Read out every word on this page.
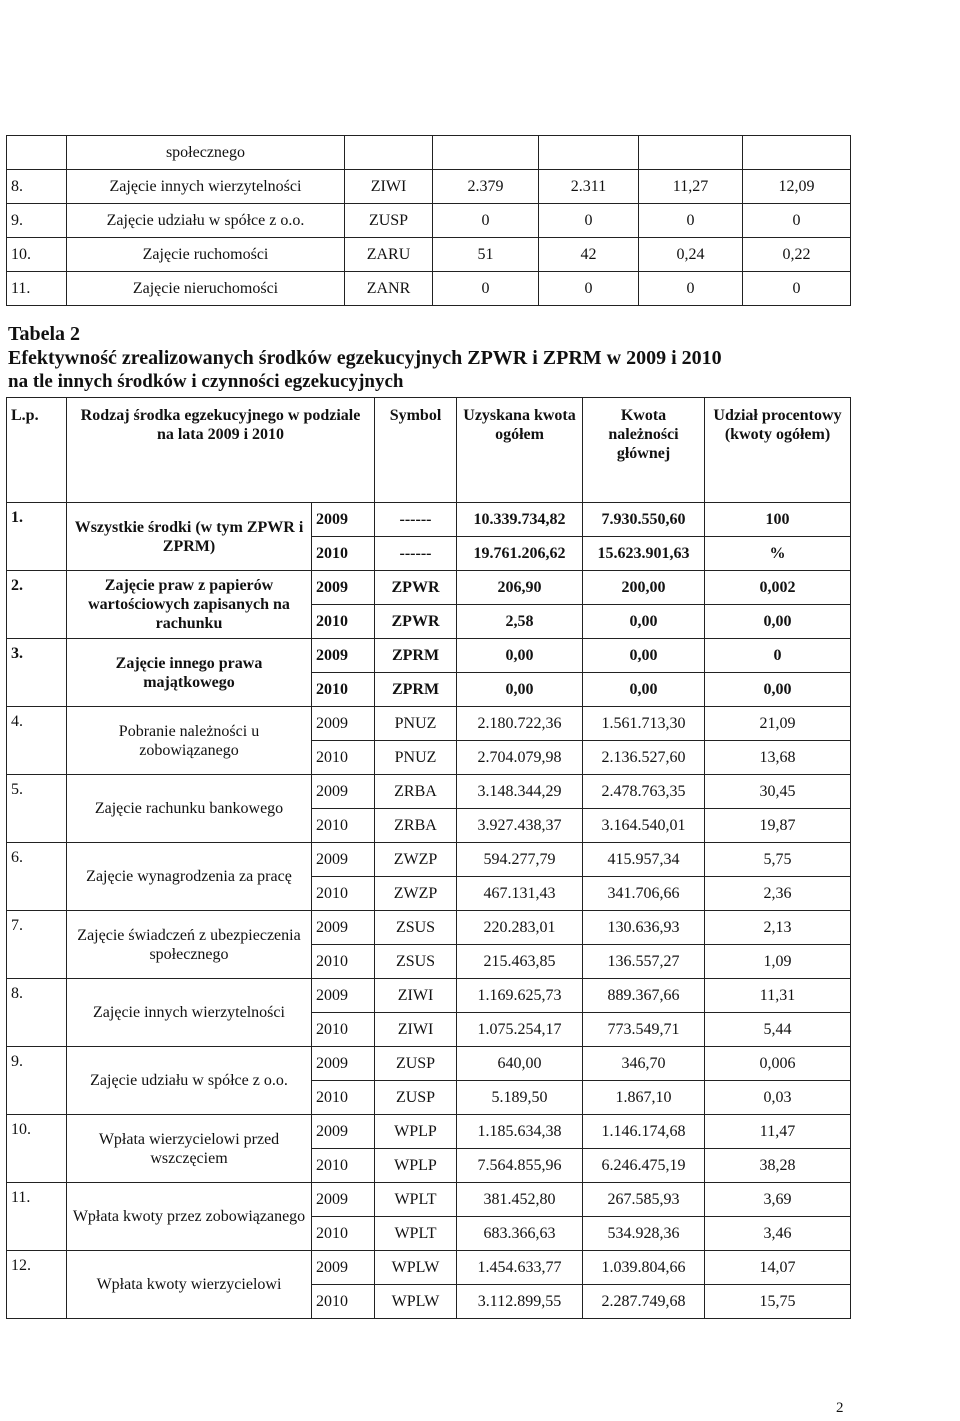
	społecznego					
8.	Zajęcie innych wierzytelności	ZIWI	2.379	2.311	11,27	12,09
9.	Zajęcie udziału w spółce z o.o.	ZUSP	0	0	0	0
10.	Zajęcie ruchomości	ZARU	51	42	0,24	0,22
11.	Zajęcie nieruchomości	ZANR	0	0	0	0
Tabela 2
Efektywność zrealizowanych środków egzekucyjnych ZPWR i ZPRM w 2009 i 2010
na tle innych środków i czynności egzekucyjnych
L.p.	Rodzaj środka egzekucyjnego w podziale na lata 2009 i 2010		Symbol	Uzyskana kwota ogółem	Kwota należności głównej	Udział procentowy (kwoty ogółem)
1.	Wszystkie środki (w tym ZPWR i ZPRM)	2009	------	10.339.734,82	7.930.550,60	100
		2010	------	19.761.206,62	15.623.901,63	%
2.	Zajęcie praw z papierów wartościowych zapisanych na rachunku	2009	ZPWR	206,90	200,00	0,002
		2010	ZPWR	2,58	0,00	0,00
3.	Zajęcie innego prawa majątkowego	2009	ZPRM	0,00	0,00	0
		2010	ZPRM	0,00	0,00	0,00
4.	Pobranie należności u zobowiązanego	2009	PNUZ	2.180.722,36	1.561.713,30	21,09
		2010	PNUZ	2.704.079,98	2.136.527,60	13,68
5.	Zajęcie rachunku bankowego	2009	ZRBA	3.148.344,29	2.478.763,35	30,45
		2010	ZRBA	3.927.438,37	3.164.540,01	19,87
6.	Zajęcie wynagrodzenia za pracę	2009	ZWZP	594.277,79	415.957,34	5,75
		2010	ZWZP	467.131,43	341.706,66	2,36
7.	Zajęcie świadczeń z ubezpieczenia społecznego	2009	ZSUS	220.283,01	130.636,93	2,13
		2010	ZSUS	215.463,85	136.557,27	1,09
8.	Zajęcie innych wierzytelności	2009	ZIWI	1.169.625,73	889.367,66	11,31
		2010	ZIWI	1.075.254,17	773.549,71	5,44
9.	Zajęcie udziału w spółce z o.o.	2009	ZUSP	640,00	346,70	0,006
		2010	ZUSP	5.189,50	1.867,10	0,03
10.	Wpłata wierzycielowi przed wszczęciem	2009	WPLP	1.185.634,38	1.146.174,68	11,47
		2010	WPLP	7.564.855,96	6.246.475,19	38,28
11.	Wpłata kwoty przez zobowiązanego	2009	WPLT	381.452,80	267.585,93	3,69
		2010	WPLT	683.366,63	534.928,36	3,46
12.	Wpłata kwoty wierzycielowi	2009	WPLW	1.454.633,77	1.039.804,66	14,07
		2010	WPLW	3.112.899,55	2.287.749,68	15,75
2
